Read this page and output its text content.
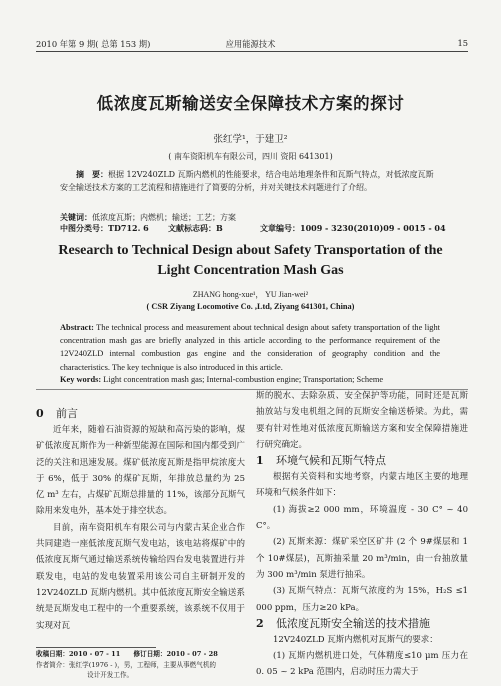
2010 年第 9 期( 总第 153 期)	应用能源技术	15
低浓度瓦斯输送安全保障技术方案的探讨
张红学¹，于建卫²
( 南车资阳机车有限公司，四川 资阳 641301)
摘　要：根据 12V240ZLD 瓦斯内燃机的性能要求，结合电站地理条件和瓦斯气特点，对低浓度瓦斯安全输送技术方案的工艺流程和措施进行了简要的分析，并对关键技术问题进行了介绍。
关键词：低浓度瓦斯；内燃机；输送；工艺；方案
中图分类号：TD712. 6 文献标志码：B	文章编号：1009 - 3230(2010)09 - 0015 - 04
Research to Technical Design about Safety Transportation of the Light Concentration Mash Gas
ZHANG hong-xue¹， YU Jian-wei²
( CSR Ziyang Locomotive Co. ,Ltd, Ziyang 641301, China)
Abstract: The technical process and measurement about technical design about safety transportation of the light concentration mash gas are briefly analyzed in this article according to the performance requirement of the 12V240ZLD internal combustion gas engine and the consideration of geography condition and the characteristics. The key technique is also introduced in this article.
Key words: Light concentration mash gas; Internal-combustion engine; Transportation; Scheme

0 前言

近年来，随着石油资源的短缺和高污染的影响，煤矿低浓度瓦斯作为一种新型能源在国际和国内都受到广泛的关注和迅速发展。煤矿低浓度瓦斯是指甲烷浓度大于 6%，低于 30% 的煤矿瓦斯，年排放总量约为 25 亿 m³ 左右，占煤矿瓦斯总排量的 11%，该部分瓦斯气除用来发电外，基本处于排空状态。

目前，南车资阳机车有限公司与内蒙古某企业合作共同建造一座低浓度瓦斯气发电站，该电站将煤矿中的低浓度瓦斯气通过输送系统传输给四台发电装置进行并联发电，电站的发电装置采用该公司自主研制开发的 12V240ZLD 瓦斯内燃机。其中低浓度瓦斯安全输送系统是瓦斯发电工程中的一个重要系统，该系统不仅用于实现对瓦

斯的脱水、去除杂质、安全保护等功能，同时还是瓦斯抽放站与发电机组之间的瓦斯安全输送桥梁。为此，需要有针对性地对低浓度瓦斯输送方案和安全保障措施进行研究确定。

1 环境气候和瓦斯气特点

根据有关资料和实地考察，内蒙古地区主要的地理环境和气候条件如下：

(1) 海拔≥2 000 mm，环境温度 - 30 C° ~ 40 C°。

(2) 瓦斯来源：煤矿采空区矿井 (2 个 9#煤层和 1 个 10#煤层)，瓦斯抽采量 20 m³/min，由一台抽放量为 300 m³/min 泵进行抽采。

(3) 瓦斯气特点：瓦斯气浓度约为 15%，H₂S ≤1 000 ppm，压力≥20 kPa。

2 低浓度瓦斯安全输送的技术措施

12V240ZLD 瓦斯内燃机对瓦斯气的要求：

(1) 瓦斯内燃机进口处，气体精度≤10 μm 压力在 0. 05 ~ 2 kPa 范围内，启动时压力需大于

收稿日期：2010 - 07 - 11　　修订日期：2010 - 07 - 28
作者简介：张红学(1976 - )，男，工程师，主要从事燃气机的
设计开发工作。
